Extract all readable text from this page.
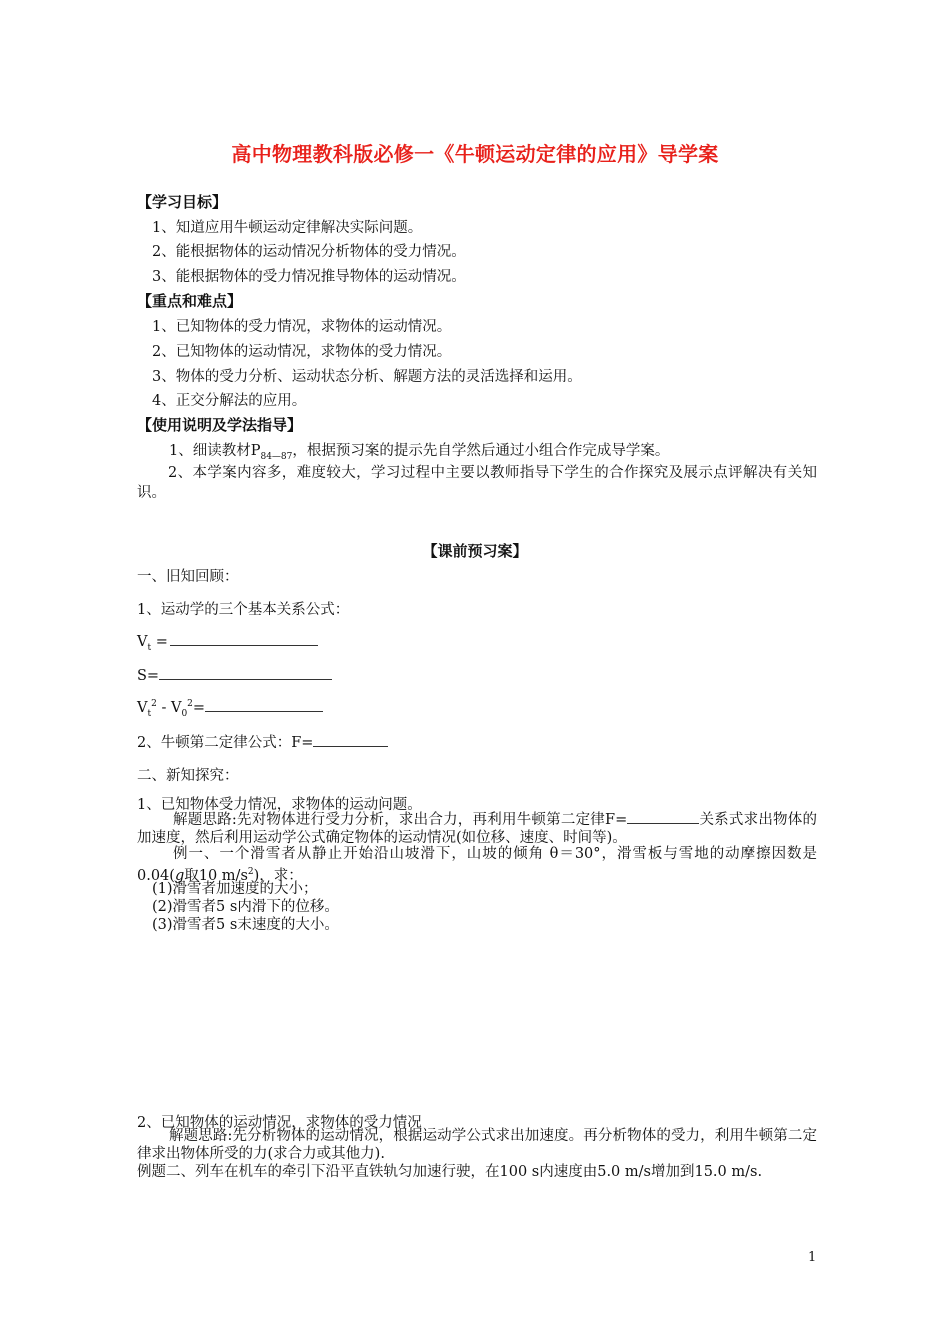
高中物理教科版必修一《牛顿运动定律的应用》导学案
【学习目标】
1、知道应用牛顿运动定律解决实际问题。
2、能根据物体的运动情况分析物体的受力情况。
3、能根据物体的受力情况推导物体的运动情况。
【重点和难点】
1、已知物体的受力情况，求物体的运动情况。
2、已知物体的运动情况，求物体的受力情况。
3、物体的受力分析、运动状态分析、解题方法的灵活选择和运用。
4、正交分解法的应用。
【使用说明及学法指导】
1、细读教材$P_{84—87}$，根据预习案的提示先自学然后通过小组合作完成导学案。
2、本学案内容多，难度较大，学习过程中主要以教师指导下学生的合作探究及展示点评解决有关知识。
【课前预习案】
一、旧知回顾：
1、运动学的三个基本关系公式：
$V_t$ =
S=
$V_t^2 - V_0^2=$
2、牛顿第二定律公式：F=
二、新知探究：
1、已知物体受力情况，求物体的运动问题。
解题思路:先对物体进行受力分析，求出合力，再利用牛顿第二定律F=	关系式求出物体的加速度，然后利用运动学公式确定物体的运动情况(如位移、速度、时间等)。
例一、一个滑雪者从静止开始沿山坡滑下，山坡的倾角 θ＝30°，滑雪板与雪地的动摩擦因数是0.04(g取10 $m/s^2$)，求：
(1)滑雪者加速度的大小；
(2)滑雪者5 s内滑下的位移。
(3)滑雪者5 s末速度的大小。
2、已知物体的运动情况，求物体的受力情况
解题思路:先分析物体的运动情况，根据运动学公式求出加速度。再分析物体的受力，利用牛顿第二定律求出物体所受的力(求合力或其他力).
例题二、列车在机车的牵引下沿平直铁轨匀加速行驶，在100 s内速度由5.0 m/s增加到15.0 m/s.
1
